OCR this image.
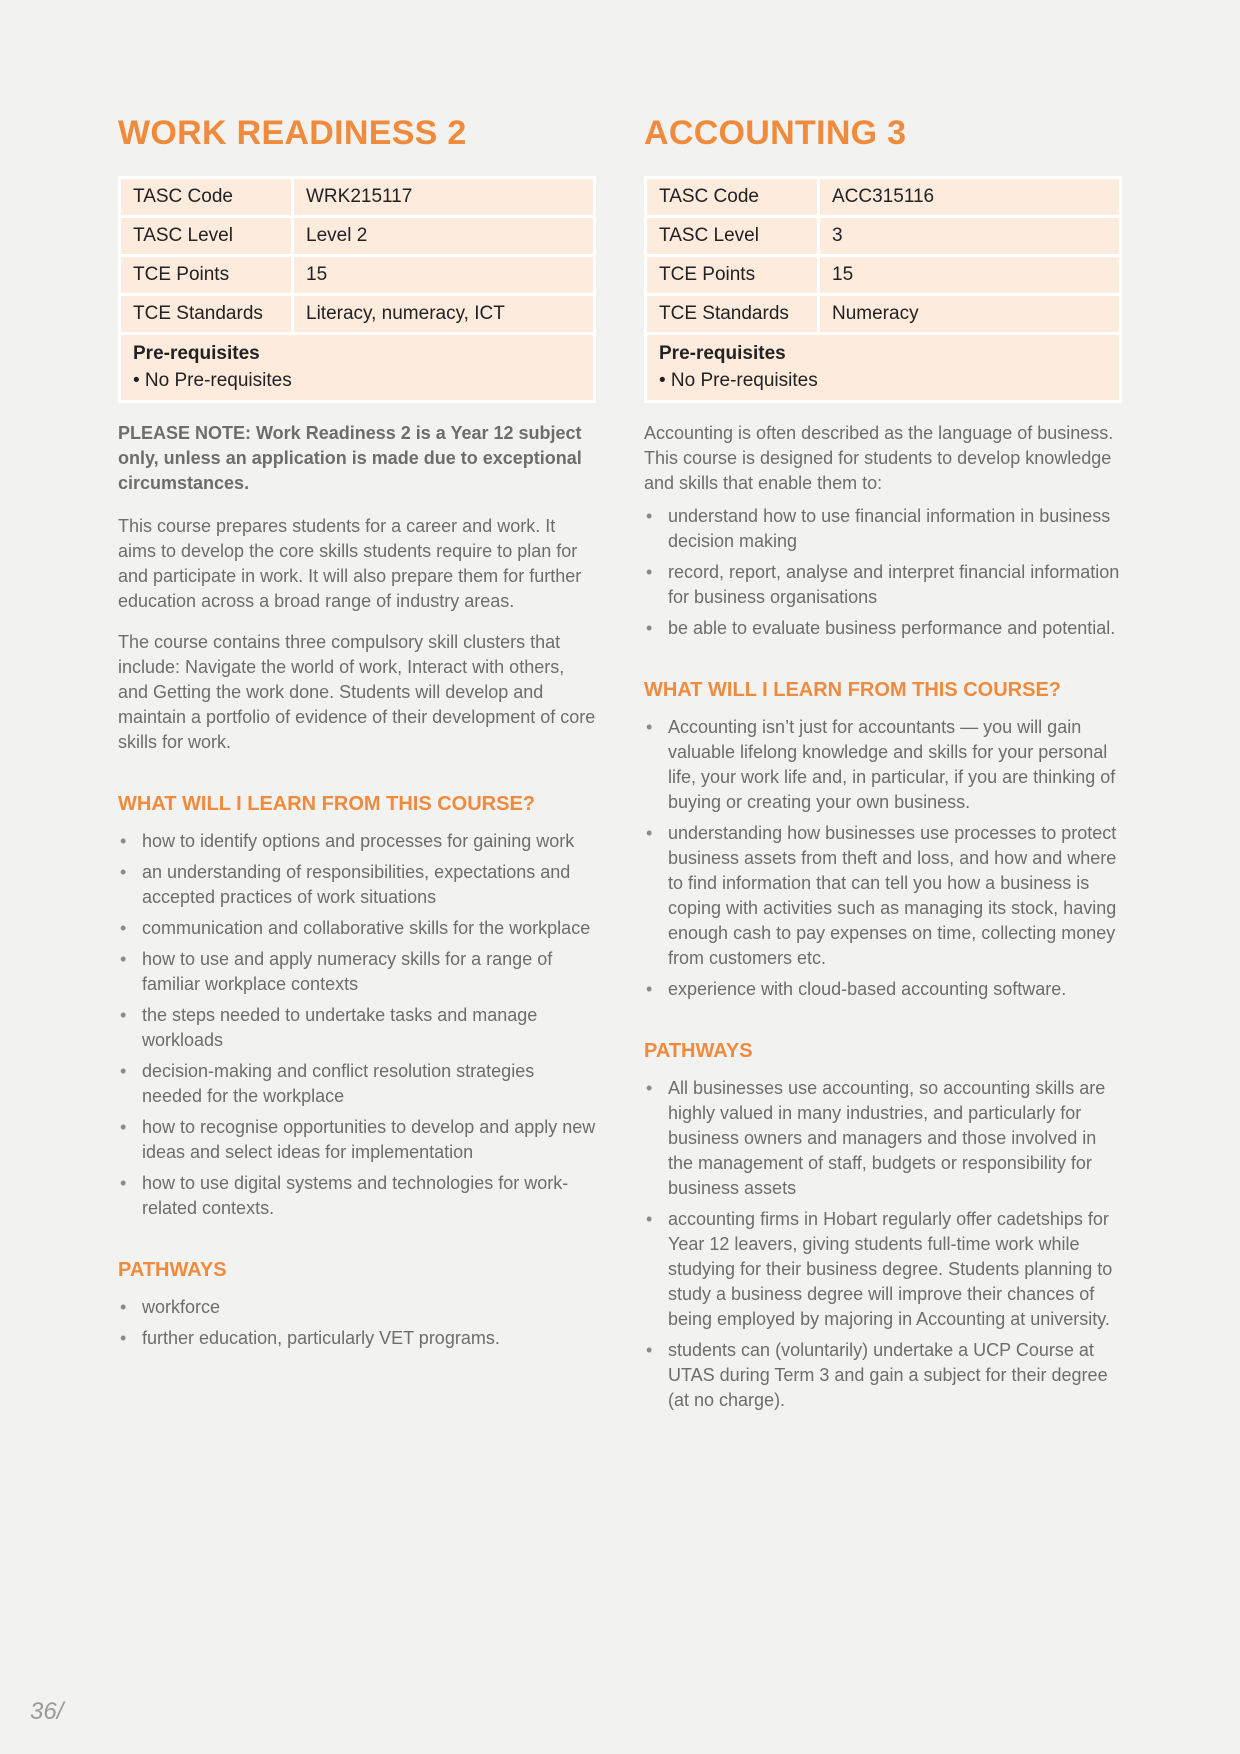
WORK READINESS 2
TASC Code	WRK215117
TASC Level	Level 2
TCE Points	15
TCE Standards	Literacy, numeracy, ICT
Pre-requisites
• No Pre-requisites

PLEASE NOTE: Work Readiness 2 is a Year 12 subject only, unless an application is made due to exceptional circumstances.

This course prepares students for a career and work. It aims to develop the core skills students require to plan for and participate in work. It will also prepare them for further education across a broad range of industry areas.

The course contains three compulsory skill clusters that include: Navigate the world of work, Interact with others, and Getting the work done. Students will develop and maintain a portfolio of evidence of their development of core skills for work.

WHAT WILL I LEARN FROM THIS COURSE?
• how to identify options and processes for gaining work
• an understanding of responsibilities, expectations and accepted practices of work situations
• communication and collaborative skills for the workplace
• how to use and apply numeracy skills for a range of familiar workplace contexts
• the steps needed to undertake tasks and manage workloads
• decision-making and conflict resolution strategies needed for the workplace
• how to recognise opportunities to develop and apply new ideas and select ideas for implementation
• how to use digital systems and technologies for work-related contexts.
PATHWAYS
• workforce
• further education, particularly VET programs.
ACCOUNTING 3
TASC Code	ACC315116
TASC Level	3
TCE Points	15
TCE Standards	Numeracy
Pre-requisites
• No Pre-requisites

Accounting is often described as the language of business. This course is designed for students to develop knowledge and skills that enable them to:

• understand how to use financial information in business decision making
• record, report, analyse and interpret financial information for business organisations
• be able to evaluate business performance and potential.
WHAT WILL I LEARN FROM THIS COURSE?
• Accounting isn’t just for accountants — you will gain valuable lifelong knowledge and skills for your personal life, your work life and, in particular, if you are thinking of buying or creating your own business.
• understanding how businesses use processes to protect business assets from theft and loss, and how and where to find information that can tell you how a business is coping with activities such as managing its stock, having enough cash to pay expenses on time, collecting money from customers etc.
• experience with cloud-based accounting software.
PATHWAYS
• All businesses use accounting, so accounting skills are highly valued in many industries, and particularly for business owners and managers and those involved in the management of staff, budgets or responsibility for business assets
• accounting firms in Hobart regularly offer cadetships for Year 12 leavers, giving students full-time work while studying for their business degree. Students planning to study a business degree will improve their chances of being employed by majoring in Accounting at university.
• students can (voluntarily) undertake a UCP Course at UTAS during Term 3 and gain a subject for their degree (at no charge).
36/
